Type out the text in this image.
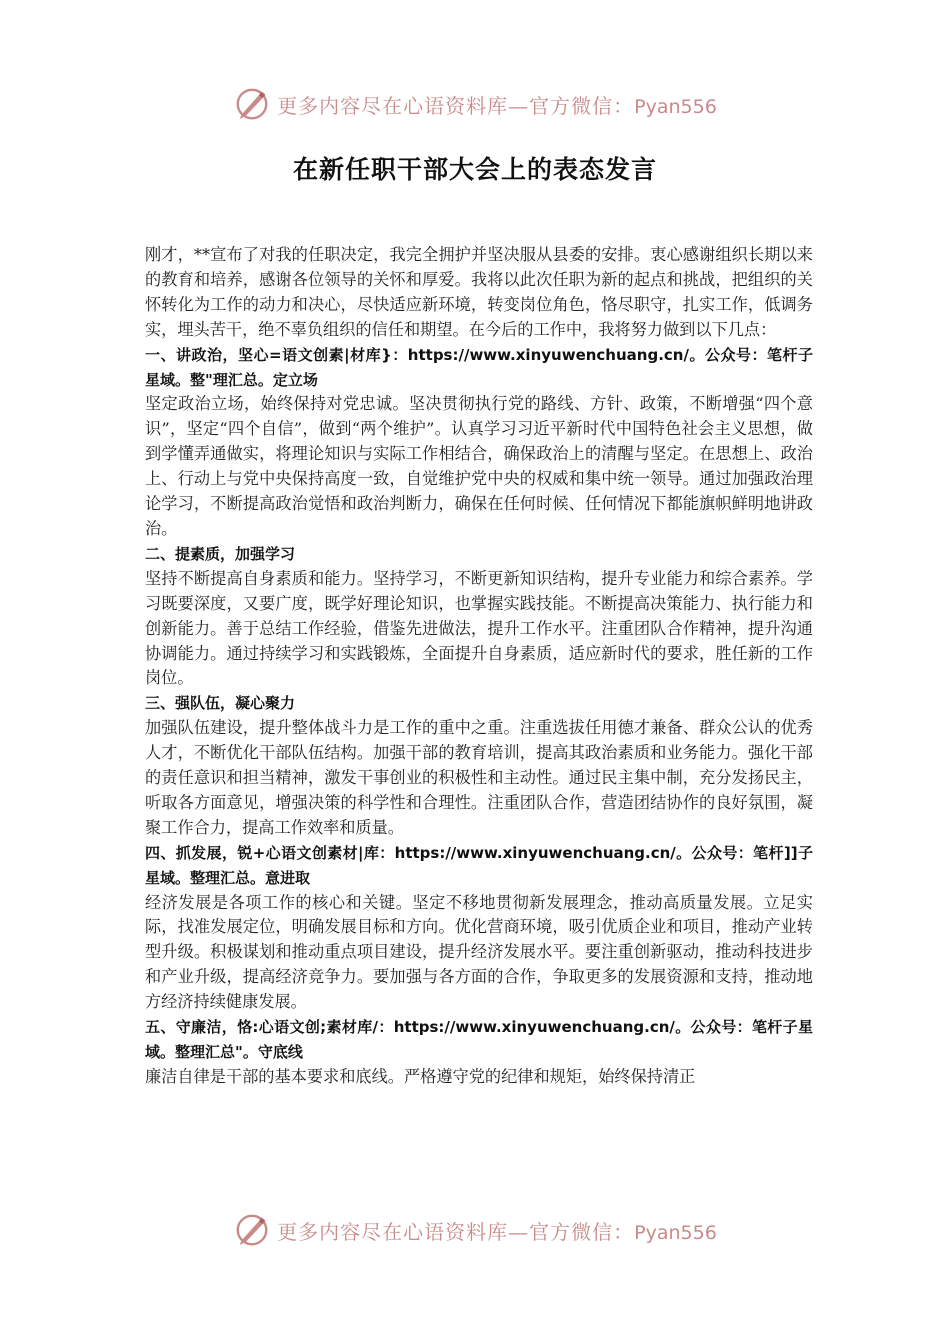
更多内容尽在心语资料库—官方微信：Pyan556
在新任职干部大会上的表态发言

刚才，**宣布了对我的任职决定，我完全拥护并坚决服从县委的安排。衷心感谢组织长期以来的教育和培养，感谢各位领导的关怀和厚爱。我将以此次任职为新的起点和挑战，把组织的关怀转化为工作的动力和决心，尽快适应新环境，转变岗位角色，恪尽职守，扎实工作，低调务实，埋头苦干，绝不辜负组织的信任和期望。在今后的工作中，我将努力做到以下几点：

一、讲政治，坚心=语文创素|材库}：https://www.xinyuwenchuang.cn/。公众号：笔杆子星域。整"理汇总。定立场

坚定政治立场，始终保持对党忠诚。坚决贯彻执行党的路线、方针、政策，不断增强“四个意识”，坚定“四个自信”，做到“两个维护”。认真学习习近平新时代中国特色社会主义思想，做到学懂弄通做实，将理论知识与实际工作相结合，确保政治上的清醒与坚定。在思想上、政治上、行动上与党中央保持高度一致，自觉维护党中央的权威和集中统一领导。通过加强政治理论学习，不断提高政治觉悟和政治判断力，确保在任何时候、任何情况下都能旗帜鲜明地讲政治。

二、提素质，加强学习

坚持不断提高自身素质和能力。坚持学习，不断更新知识结构，提升专业能力和综合素养。学习既要深度，又要广度，既学好理论知识，也掌握实践技能。不断提高决策能力、执行能力和创新能力。善于总结工作经验，借鉴先进做法，提升工作水平。注重团队合作精神，提升沟通协调能力。通过持续学习和实践锻炼，全面提升自身素质，适应新时代的要求，胜任新的工作岗位。

三、强队伍，凝心聚力

加强队伍建设，提升整体战斗力是工作的重中之重。注重选拔任用德才兼备、群众公认的优秀人才，不断优化干部队伍结构。加强干部的教育培训，提高其政治素质和业务能力。强化干部的责任意识和担当精神，激发干事创业的积极性和主动性。通过民主集中制，充分发扬民主，听取各方面意见，增强决策的科学性和合理性。注重团队合作，营造团结协作的良好氛围，凝聚工作合力，提高工作效率和质量。

四、抓发展，锐+心语文创素材|库：https://www.xinyuwenchuang.cn/。公众号：笔杆]]子星域。整理汇总。意进取

经济发展是各项工作的核心和关键。坚定不移地贯彻新发展理念，推动高质量发展。立足实际，找准发展定位，明确发展目标和方向。优化营商环境，吸引优质企业和项目，推动产业转型升级。积极谋划和推动重点项目建设，提升经济发展水平。要注重创新驱动，推动科技进步和产业升级，提高经济竞争力。要加强与各方面的合作，争取更多的发展资源和支持，推动地方经济持续健康发展。

五、守廉洁，恪:心语文创;素材库/：https://www.xinyuwenchuang.cn/。公众号：笔杆子星域。整理汇总"。守底线

廉洁自律是干部的基本要求和底线。严格遵守党的纪律和规矩，始终保持清正

更多内容尽在心语资料库—官方微信：Pyan556
